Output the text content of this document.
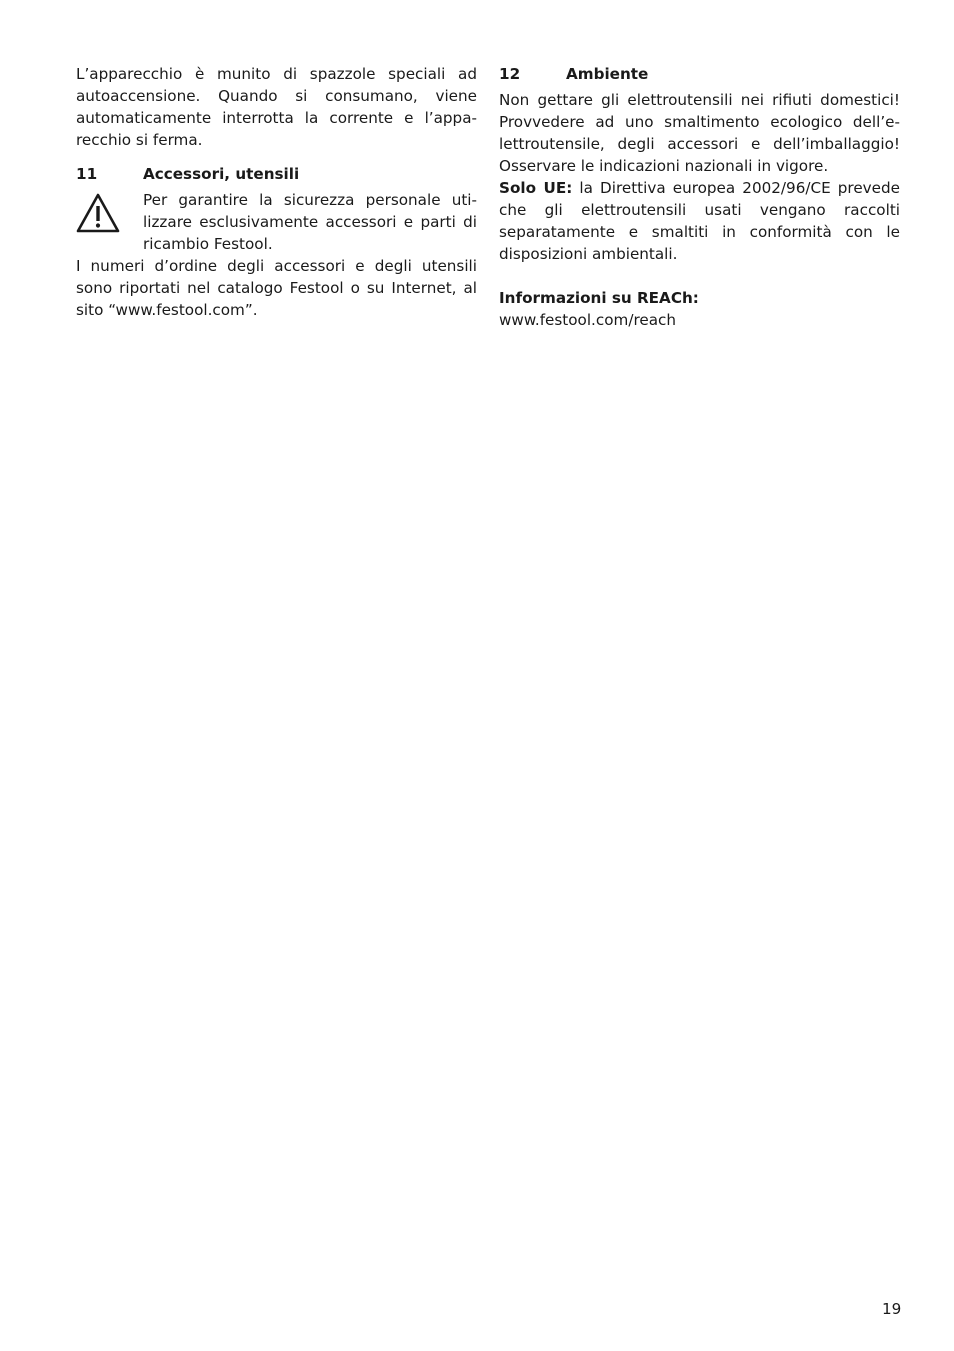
L’apparecchio è munito di spazzole speciali ad autoaccensione. Quando si consumano, viene automaticamente interrotta la corrente e l’apparecchio si ferma.

11	Accessori, utensili

Per garantire la sicurezza personale utilizzare esclusivamente accessori e parti di ricambio Festool.

I numeri d’ordine degli accessori e degli utensili sono riportati nel catalogo Festool o su Internet, al sito “www.festool.com”.

12	Ambiente

Non gettare gli elettroutensili nei rifiuti domestici! Provvedere ad uno smaltimento ecologico dell’elettroutensile, degli accessori e dell’imballaggio! Osservare le indicazioni nazionali in vigore.

Solo UE: la Direttiva europea 2002/96/CE prevede che gli elettroutensili usati vengano raccolti separatamente e smaltiti in conformità con le disposizioni ambientali.

Informazioni su REACh:

www.festool.com/reach

19
